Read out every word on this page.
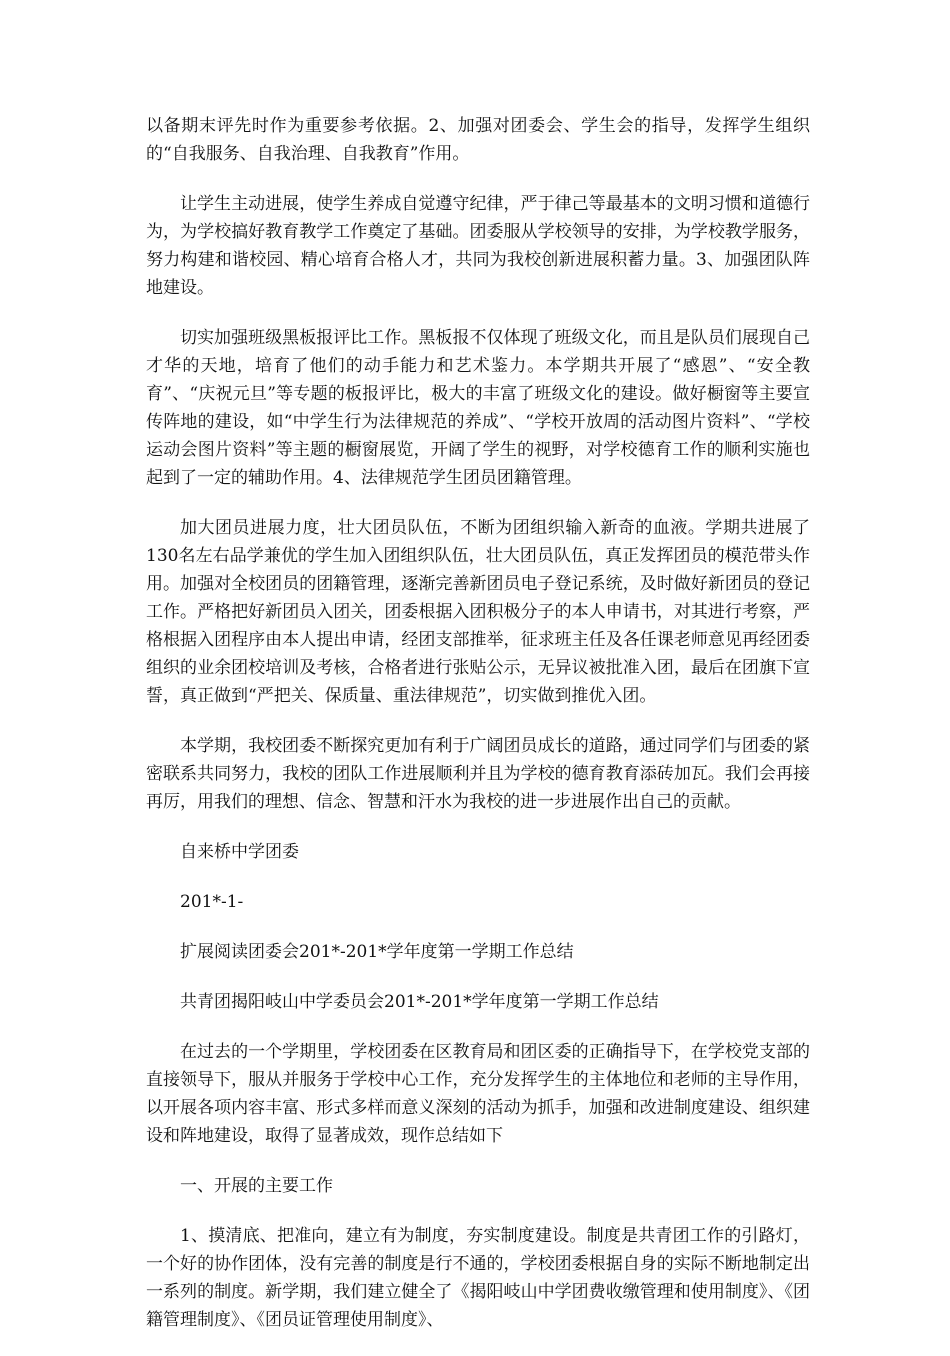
以备期末评先时作为重要参考依据。2、加强对团委会、学生会的指导，发挥学生组织的“自我服务、自我治理、自我教育”作用。

让学生主动进展，使学生养成自觉遵守纪律，严于律己等最基本的文明习惯和道德行为，为学校搞好教育教学工作奠定了基础。团委服从学校领导的安排，为学校教学服务，努力构建和谐校园、精心培育合格人才，共同为我校创新进展积蓄力量。3、加强团队阵地建设。

切实加强班级黑板报评比工作。黑板报不仅体现了班级文化，而且是队员们展现自己才华的天地，培育了他们的动手能力和艺术鉴力。本学期共开展了“感恩”、“安全教育”、“庆祝元旦”等专题的板报评比，极大的丰富了班级文化的建设。做好橱窗等主要宣传阵地的建设，如“中学生行为法律规范的养成”、“学校开放周的活动图片资料”、“学校运动会图片资料”等主题的橱窗展览，开阔了学生的视野，对学校德育工作的顺利实施也起到了一定的辅助作用。4、法律规范学生团员团籍管理。

加大团员进展力度，壮大团员队伍，不断为团组织输入新奇的血液。学期共进展了130名左右品学兼优的学生加入团组织队伍，壮大团员队伍，真正发挥团员的模范带头作用。加强对全校团员的团籍管理，逐渐完善新团员电子登记系统，及时做好新团员的登记工作。严格把好新团员入团关，团委根据入团积极分子的本人申请书，对其进行考察，严格根据入团程序由本人提出申请，经团支部推举，征求班主任及各任课老师意见再经团委组织的业余团校培训及考核，合格者进行张贴公示，无异议被批准入团，最后在团旗下宣誓，真正做到“严把关、保质量、重法律规范”，切实做到推优入团。

本学期，我校团委不断探究更加有利于广阔团员成长的道路，通过同学们与团委的紧密联系共同努力，我校的团队工作进展顺利并且为学校的德育教育添砖加瓦。我们会再接再厉，用我们的理想、信念、智慧和汗水为我校的进一步进展作出自己的贡献。

自来桥中学团委

201*-1-

扩展阅读团委会201*-201*学年度第一学期工作总结

共青团揭阳岐山中学委员会201*-201*学年度第一学期工作总结

在过去的一个学期里，学校团委在区教育局和团区委的正确指导下，在学校党支部的直接领导下，服从并服务于学校中心工作，充分发挥学生的主体地位和老师的主导作用，以开展各项内容丰富、形式多样而意义深刻的活动为抓手，加强和改进制度建设、组织建设和阵地建设，取得了显著成效，现作总结如下

一、开展的主要工作

1、摸清底、把准向，建立有为制度，夯实制度建设。制度是共青团工作的引路灯，一个好的协作团体，没有完善的制度是行不通的，学校团委根据自身的实际不断地制定出一系列的制度。新学期，我们建立健全了《揭阳岐山中学团费收缴管理和使用制度》、《团籍管理制度》、《团员证管理使用制度》、
